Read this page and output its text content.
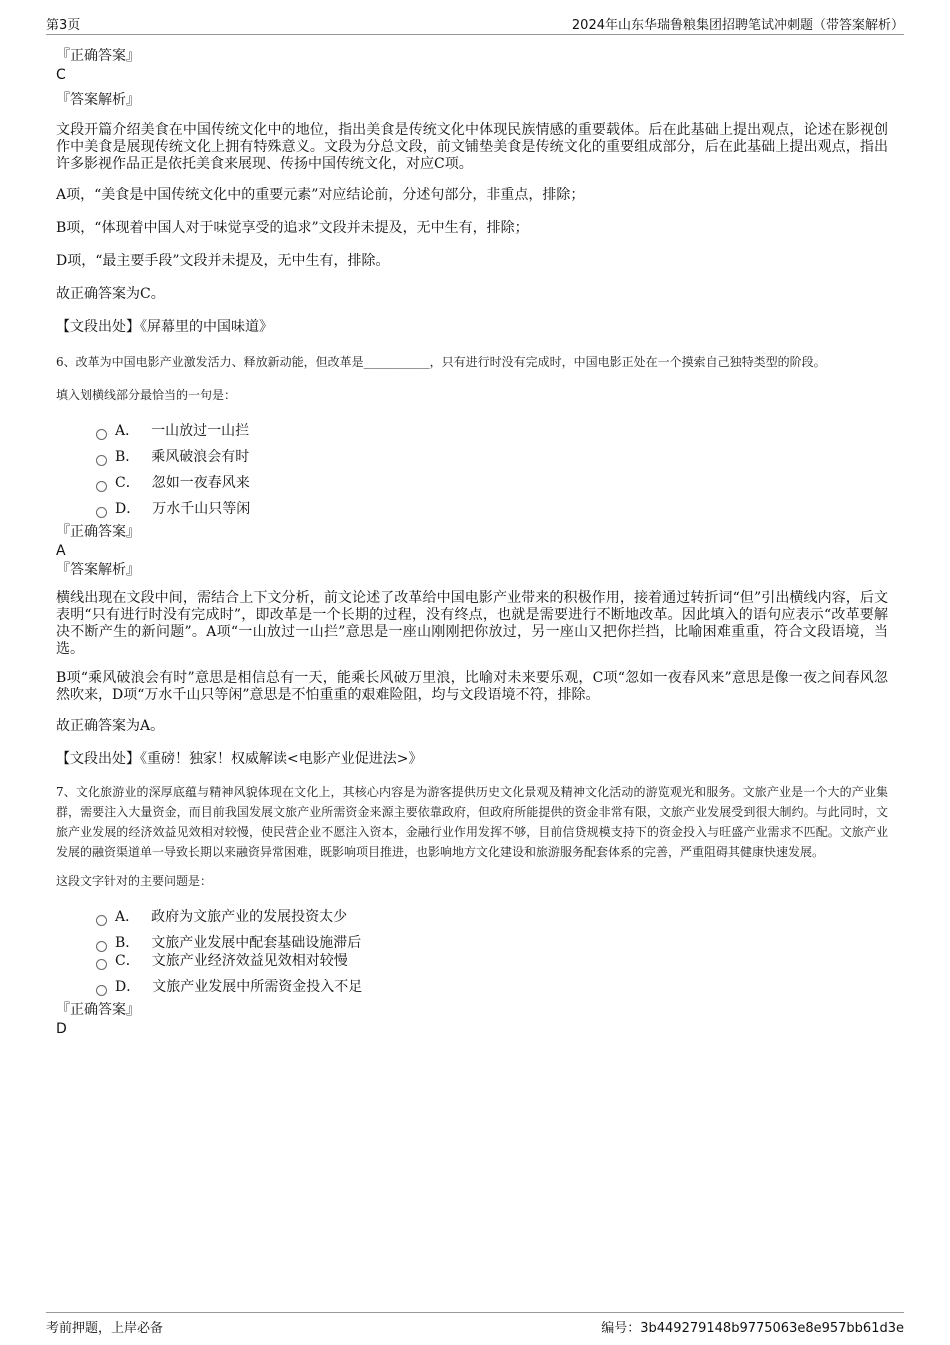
第3页	2024年山东华瑞鲁粮集团招聘笔试冲刺题（带答案解析）
『正确答案』
C
『答案解析』

文段开篇介绍美食在中国传统文化中的地位，指出美食是传统文化中体现民族情感的重要载体。后在此基础上提出观点，论述在影视创作中美食是展现传统文化上拥有特殊意义。文段为分总文段，前文铺垫美食是传统文化的重要组成部分，后在此基础上提出观点，指出许多影视作品正是依托美食来展现、传扬中国传统文化，对应C项。

A项，“美食是中国传统文化中的重要元素”对应结论前，分述句部分，非重点，排除；

B项，“体现着中国人对于味觉享受的追求”文段并未提及，无中生有，排除；

D项，“最主要手段”文段并未提及，无中生有，排除。

故正确答案为C。

【文段出处】《屏幕里的中国味道》

6、改革为中国电影产业激发活力、释放新动能，但改革是___________，只有进行时没有完成时，中国电影正处在一个摸索自己独特类型的阶段。

填入划横线部分最恰当的一句是：
A． 一山放过一山拦
B． 乘风破浪会有时
C． 忽如一夜春风来
D． 万水千山只等闲
『正确答案』
A
『答案解析』

横线出现在文段中间，需结合上下文分析，前文论述了改革给中国电影产业带来的积极作用，接着通过转折词“但”引出横线内容，后文表明“只有进行时没有完成时”，即改革是一个长期的过程，没有终点，也就是需要进行不断地改革。因此填入的语句应表示“改革要解决不断产生的新问题”。A项“一山放过一山拦”意思是一座山刚刚把你放过，另一座山又把你拦挡，比喻困难重重，符合文段语境，当选。

B项“乘风破浪会有时”意思是相信总有一天，能乘长风破万里浪，比喻对未来要乐观，C项“忽如一夜春风来”意思是像一夜之间春风忽然吹来，D项“万水千山只等闲”意思是不怕重重的艰难险阻，均与文段语境不符，排除。

故正确答案为A。

【文段出处】《重磅！独家！权威解读<电影产业促进法>》

7、文化旅游业的深厚底蕴与精神风貌体现在文化上，其核心内容是为游客提供历史文化景观及精神文化活动的游览观光和服务。文旅产业是一个大的产业集群，需要注入大量资金，而目前我国发展文旅产业所需资金来源主要依靠政府，但政府所能提供的资金非常有限，文旅产业发展受到很大制约。与此同时，文旅产业发展的经济效益见效相对较慢，使民营企业不愿注入资本，金融行业作用发挥不够，目前信贷规模支持下的资金投入与旺盛产业需求不匹配。文旅产业发展的融资渠道单一导致长期以来融资异常困难，既影响项目推进，也影响地方文化建设和旅游服务配套体系的完善，严重阻碍其健康快速发展。

这段文字针对的主要问题是：
A． 政府为文旅产业的发展投资太少
B． 文旅产业发展中配套基础设施滞后
C． 文旅产业经济效益见效相对较慢
D． 文旅产业发展中所需资金投入不足
『正确答案』
D
考前押题，上岸必备	编号：3b449279148b9775063e8e957bb61d3e
